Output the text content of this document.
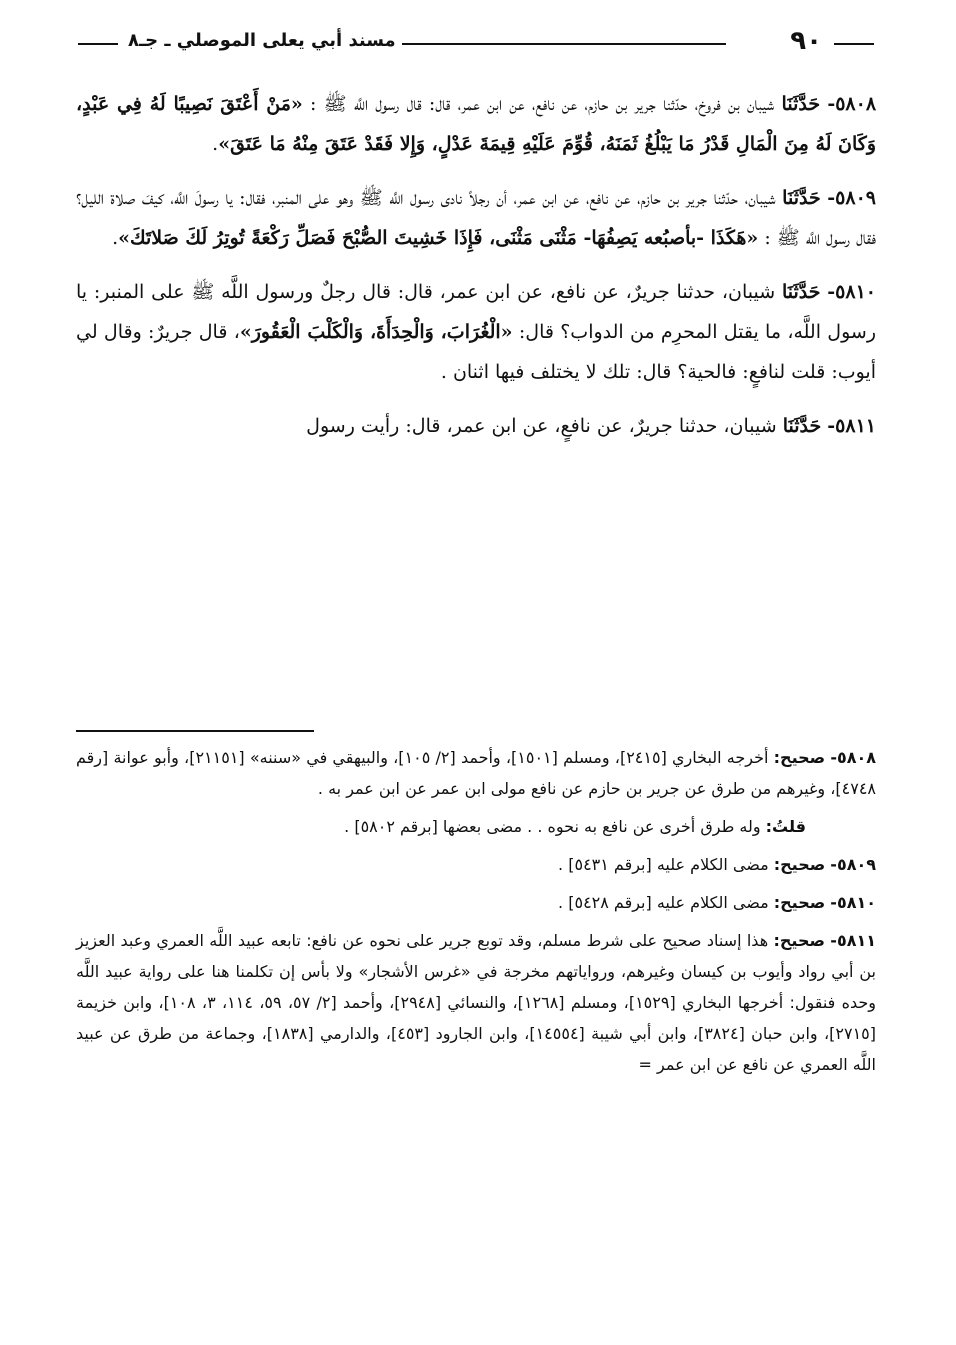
٩٠
مسند أبي يعلى الموصلي ـ جـ٨

٥٨٠٨- حَدَّثَنَا شيبان بن فروخ، حدّثنا جرير بن حازم، عن نافع، عن ابن عمر، قال: قال رسول اللَّه ﷺ : «مَنْ أَعْتَقَ نَصِيبًا لَهُ فِي عَبْدٍ، وَكَانَ لَهُ مِنَ الْمَالِ قَدْرُ مَا يَبْلُغُ ثَمَنَهُ، قُوِّمَ عَلَيْهِ قِيمَةَ عَدْلٍ، وَإِلا فَقَدْ عَتَقَ مِنْهُ مَا عَتَقَ».

٥٨٠٩- حَدَّثَنَا شيبان، حدّثنا جرير بن حازم، عن نافع، عن ابن عمر، أن رجلاً نادى رسول اللَّه ﷺ وهو على المنبر، فقال: يا رسولَ اللَّه، كيفَ صلاة الليل؟ فقال رسول اللَّه ﷺ : «هَكَذَا -بأصبُعه يَصِفُهَا- مَثْنَى مَثْنَى، فَإِذَا خَشِيتَ الصُّبْحَ فَصَلِّ رَكْعَةً تُوتِرُ لَكَ صَلاتَكَ».

٥٨١٠- حَدَّثَنَا شيبان، حدثنا جريرٌ، عن نافع، عن ابن عمر، قال: قال رجلٌ ورسول اللَّه ﷺ على المنبر: يا رسول اللَّه، ما يقتل المحرِم من الدواب؟ قال: «الْغُرَابَ، وَالْحِدَأَةَ، وَالْكَلْبَ الْعَقُورَ»، قال جريرٌ: وقال لي أيوب: قلت لنافعٍ: فالحية؟ قال: تلك لا يختلف فيها اثنان .

٥٨١١- حَدَّثَنَا شيبان، حدثنا جريرٌ، عن نافعٍ، عن ابن عمر، قال: رأيت رسول

٥٨٠٨- صحيح: أخرجه البخاري [٢٤١٥]، ومسلم [١٥٠١]، وأحمد [٢/ ١٠٥]، والبيهقي في «سننه» [٢١١٥١]، وأبو عوانة [رقم ٤٧٤٨]، وغيرهم من طرق عن جرير بن حازم عن نافع مولى ابن عمر عن ابن عمر به .

قلتُ: وله طرق أخرى عن نافع به نحوه . . مضى بعضها [برقم ٥٨٠٢] .

٥٨٠٩- صحيح: مضى الكلام عليه [برقم ٥٤٣١] .

٥٨١٠- صحيح: مضى الكلام عليه [برقم ٥٤٢٨] .

٥٨١١- صحيح: هذا إسناد صحيح على شرط مسلم، وقد توبع جرير على نحوه عن نافع: تابعه عبيد اللَّه العمري وعبد العزيز بن أبي رواد وأيوب بن كيسان وغيرهم، ورواياتهم مخرجة في «غرس الأشجار» ولا بأس إن تكلمنا هنا على رواية عبيد اللَّه وحده فنقول: أخرجها البخاري [١٥٢٩]، ومسلم [١٢٦٨]، والنسائي [٢٩٤٨]، وأحمد [٢/ ٥٧، ٥٩، ١١٤، ٣، ١٠٨]، وابن خزيمة [٢٧١٥]، وابن حبان [٣٨٢٤]، وابن أبي شيبة [١٤٥٥٤]، وابن الجارود [٤٥٣]، والدارمي [١٨٣٨]، وجماعة من طرق عن عبيد اللَّه العمري عن نافع عن ابن عمر =
